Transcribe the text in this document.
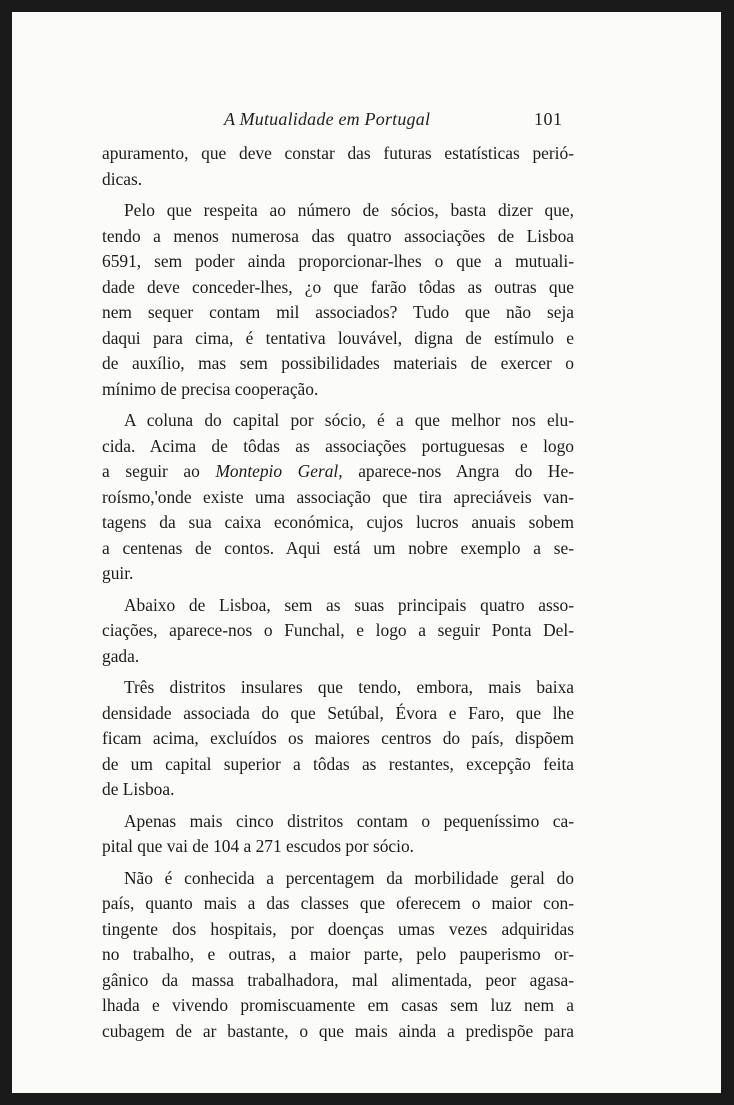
A Mutualidade em Portugal	101
apuramento, que deve constar das futuras estatísticas perió-
dicas.
Pelo que respeita ao número de sócios, basta dizer que,
tendo a menos numerosa das quatro associações de Lisboa
6591, sem poder ainda proporcionar-lhes o que a mutuali-
dade deve conceder-lhes, ¿o que farão tôdas as outras que
nem sequer contam mil associados? Tudo que não seja
daqui para cima, é tentativa louvável, digna de estímulo e
de auxílio, mas sem possibilidades materiais de exercer o
mínimo de precisa cooperação.
A coluna do capital por sócio, é a que melhor nos elu-
cida. Acima de tôdas as associações portuguesas e logo
a seguir ao Montepio Geral, aparece-nos Angra do He-
roísmo,'onde existe uma associação que tira apreciáveis van-
tagens da sua caixa económica, cujos lucros anuais sobem
a centenas de contos. Aqui está um nobre exemplo a se-
guir.
Abaixo de Lisboa, sem as suas principais quatro asso-
ciações, aparece-nos o Funchal, e logo a seguir Ponta Del-
gada.
Três distritos insulares que tendo, embora, mais baixa
densidade associada do que Setúbal, Évora e Faro, que lhe
ficam acima, excluídos os maiores centros do país, dispõem
de um capital superior a tôdas as restantes, excepção feita
de Lisboa.
Apenas mais cinco distritos contam o pequeníssimo ca-
pital que vai de 104 a 271 escudos por sócio.
Não é conhecida a percentagem da morbilidade geral do
país, quanto mais a das classes que oferecem o maior con-
tingente dos hospitais, por doenças umas vezes adquiridas
no trabalho, e outras, a maior parte, pelo pauperismo or-
gânico da massa trabalhadora, mal alimentada, peor agasa-
lhada e vivendo promiscuamente em casas sem luz nem a
cubagem de ar bastante, o que mais ainda a predispõe para
